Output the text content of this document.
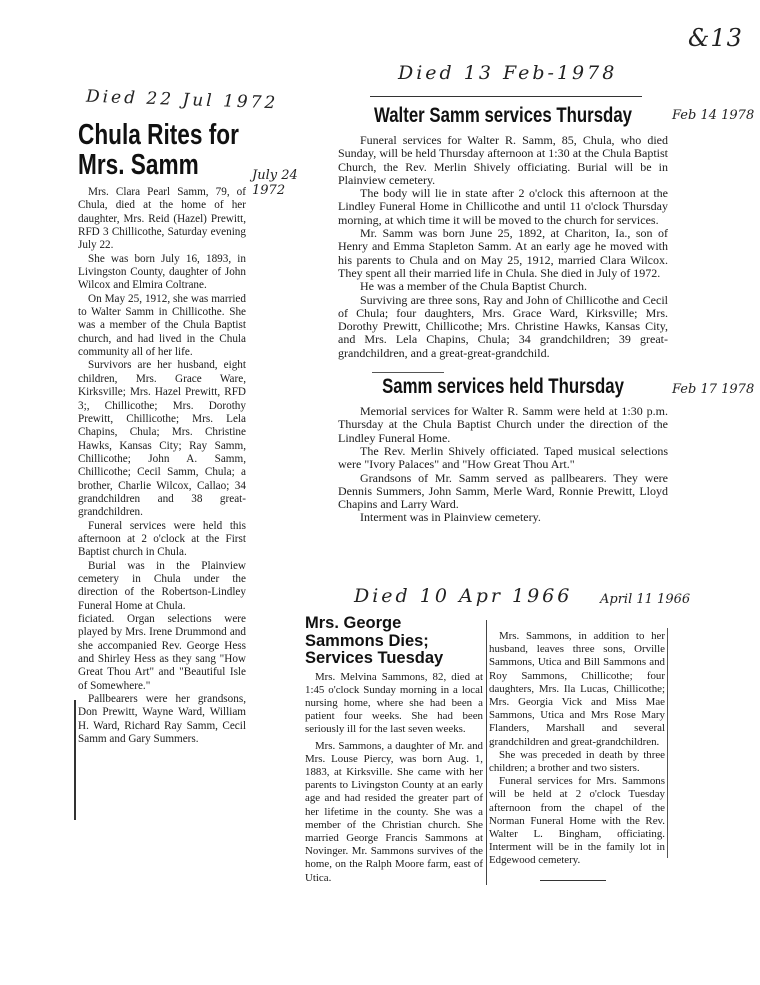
&13
Died 22 Jul 1972
Chula Rites for Mrs. Samm

Mrs. Clara Pearl Samm, 79, of Chula, died at the home of her daughter, Mrs. Reid (Hazel) Prewitt, RFD 3 Chillicothe, Saturday evening July 22.

She was born July 16, 1893, in Livingston County, daughter of John Wilcox and Elmira Coltrane.

On May 25, 1912, she was married to Walter Samm in Chillicothe. She was a member of the Chula Baptist church, and had lived in the Chula community all of her life.

Survivors are her husband, eight children, Mrs. Grace Ware, Kirksville; Mrs. Hazel Prewitt, RFD 3;, Chillicothe; Mrs. Dorothy Prewitt, Chillicothe; Mrs. Lela Chapins, Chula; Mrs. Christine Hawks, Kansas City; Ray Samm, Chillicothe; John A. Samm, Chillicothe; Cecil Samm, Chula; a brother, Charlie Wilcox, Callao; 34 grandchildren and 38 great-grandchildren.

Funeral services were held this afternoon at 2 o'clock at the First Baptist church in Chula.

Burial was in the Plainview cemetery in Chula under the direction of the Robertson-Lindley Funeral Home at Chula.

ficiated. Organ selections were played by Mrs. Irene Drummond and she accompanied Rev. George Hess and Shirley Hess as they sang "How Great Thou Art" and "Beautiful Isle of Somewhere."

Pallbearers were her grandsons, Don Prewitt, Wayne Ward, William H. Ward, Richard Ray Samm, Cecil Samm and Gary Summers.

July 24 1972
Died 13 Feb-1978
Feb 14 1978
Walter Samm services Thursday

Funeral services for Walter R. Samm, 85, Chula, who died Sunday, will be held Thursday afternoon at 1:30 at the Chula Baptist Church, the Rev. Merlin Shively officiating. Burial will be in Plainview cemetery.

The body will lie in state after 2 o'clock this afternoon at the Lindley Funeral Home in Chillicothe and until 11 o'clock Thursday morning, at which time it will be moved to the church for services.

Mr. Samm was born June 25, 1892, at Chariton, Ia., son of Henry and Emma Stapleton Samm. At an early age he moved with his parents to Chula and on May 25, 1912, married Clara Wilcox. They spent all their married life in Chula. She died in July of 1972.

He was a member of the Chula Baptist Church.

Surviving are three sons, Ray and John of Chillicothe and Cecil of Chula; four daughters, Mrs. Grace Ward, Kirksville; Mrs. Dorothy Prewitt, Chillicothe; Mrs. Christine Hawks, Kansas City, and Mrs. Lela Chapins, Chula; 34 grandchildren; 39 great-grandchildren, and a great-great-grandchild.

Samm services held Thursday

Memorial services for Walter R. Samm were held at 1:30 p.m. Thursday at the Chula Baptist Church under the direction of the Lindley Funeral Home.

The Rev. Merlin Shively officiated. Taped musical selections were "Ivory Palaces" and "How Great Thou Art."

Grandsons of Mr. Samm served as pallbearers. They were Dennis Summers, John Samm, Merle Ward, Ronnie Prewitt, Lloyd Chapins and Larry Ward.

Interment was in Plainview cemetery.

Feb 17 1978
Died 10 Apr 1966 April 11 1966
Mrs. George Sammons Dies; Services Tuesday

Mrs. Melvina Sammons, 82, died at 1:45 o'clock Sunday morning in a local nursing home, where she had been a patient four weeks. She had been seriously ill for the last seven weeks.

Mrs. Sammons, a daughter of Mr. and Mrs. Louse Piercy, was born Aug. 1, 1883, at Kirksville. She came with her parents to Livingston County at an early age and had resided the greater part of her lifetime in the county. She was a member of the Christian church. She married George Francis Sammons at Novinger. Mr. Sammons survives of the home, on the Ralph Moore farm, east of Utica.

Mrs. Sammons, in addition to her husband, leaves three sons, Orville Sammons, Utica and Bill Sammons and Roy Sammons, Chillicothe; four daughters, Mrs. Ila Lucas, Chillicothe; Mrs. Georgia Vick and Miss Mae Sammons, Utica and Mrs Rose Mary Flanders, Marshall and several grandchildren and great-grandchildren.

She was preceded in death by three children; a brother and two sisters.

Funeral services for Mrs. Sammons will be held at 2 o'clock Tuesday afternoon from the chapel of the Norman Funeral Home with the Rev. Walter L. Bingham, officiating. Interment will be in the family lot in Edgewood cemetery.
